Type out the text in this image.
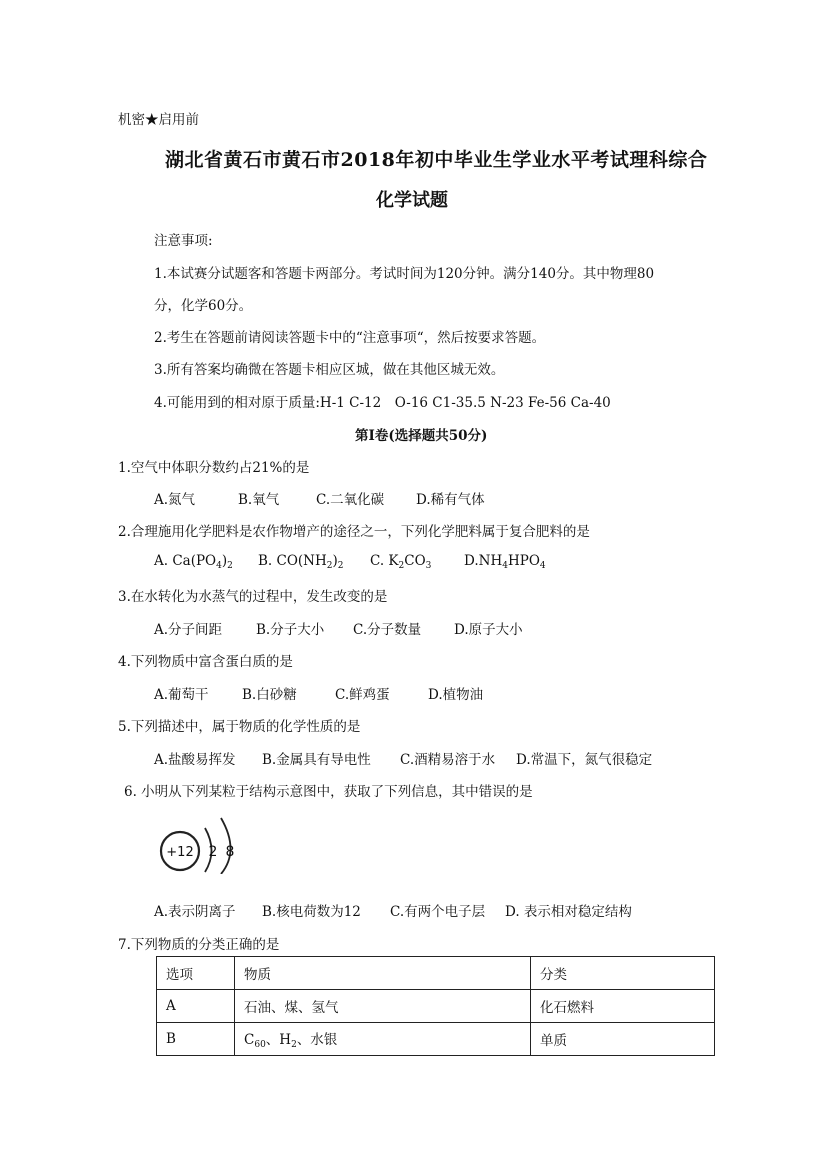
机密★启用前
湖北省黄石市黄石市2018年初中毕业生学业水平考试理科综合
化学试题
注意事项:
1.本试赛分试题客和答题卡两部分。考试时间为120分钟。满分140分。其中物理80
分，化学60分。
2.考生在答题前请阅读答题卡中的“注意事项“，然后按要求答题。
3.所有答案均确微在答题卡相应区城，做在其他区城无效。
4.可能用到的相对原于质量:H-1 C-12　O-16 C1-35.5 N-23 Fe-56 Ca-40
第I卷(选择题共50分)
1.空气中体职分数约占21%的是
A.氮气	B.氧气	C.二氧化碳 D.稀有气体
2.合理施用化学肥料是农作物增产的途径之一，下列化学肥料属于复合肥料的是
A. $Ca(PO_4)_2$ B. $CO(NH_2)_2$ C. $K_2CO_3$ $D.NH_4HPO_4$
3.在水转化为水蒸气的过程中，发生改变的是
A.分子间距	B.分子大小 C.分子数量 D.原子大小
4.下列物质中富含蛋白质的是
A.葡萄干 B.白砂糖	C.鲜鸡蛋	D.植物油
5.下列描述中，属于物质的化学性质的是
A.盐酸易挥发 B.金属具有导电性 C.酒精易溶于水 D.常温下，氮气很稳定
6. 小明从下列某粒于结构示意图中，获取了下列信息，其中错误的是
+12 2 8
A.表示阴离子 B.核电荷数为12 C.有两个电子层 D. 表示相对稳定结构
7.下列物质的分类正确的是
选项	物质	分类
A	石油、煤、氢气	化石燃料
B	$C_{60}$、$H_2$、水银	单质
